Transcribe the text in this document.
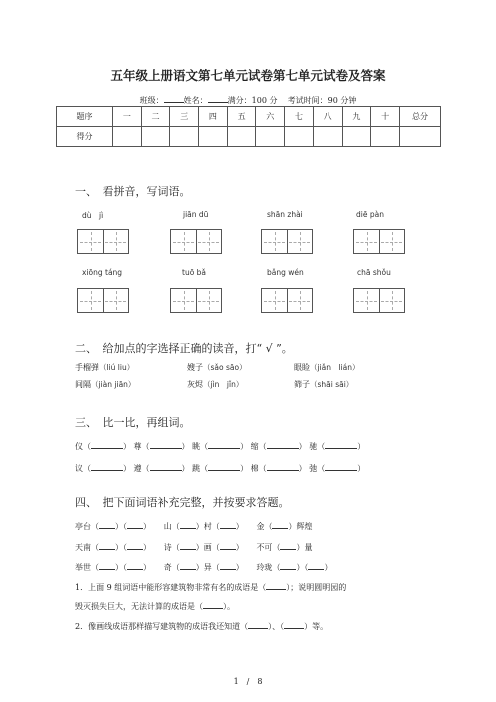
五年级上册语文第七单元试卷第七单元试卷及答案
班级：	姓名：	满分：100 分 考试时间：90 分钟
题序	一	二	三	四	五	六	七	八	九	十	总分
得分											
一、　看拼音，写词语。
dù　jì	jiān dū	shān zhài	diē pàn
xiōng táng	tuō bǎ	bǎng wén	chā shǒu
二、　给加点的字选择正确的读音，打“ √ ”。
手榴弹（liú liu）	嫂子（sǎo sāo）	眼睑（jiǎn　lián）
间隔（jiàn jiān）	灰烬（jìn　jǐn）	筛子（shāi sāi）
三、　比一比，再组词。
仪（	） 尊（	） 眺（	） 缩（	） 驰（	）
议（	） 遵（	） 跳（	） 棉（	） 弛（	）
四、　把下面词语补充完整，并按要求答题。
亭台（ ）（ ）     山（ ）村（ ）     金（ ）辉煌
天南（ ）（ ）     诗（ ）画（ ）     不可（ ）量
举世（ ）（ ）     奇（ ）异（ ）     玲珑（ ）（ ）
1．上面 9 组词语中能形容建筑物非常有名的成语是（	）；说明圆明园的
毁灭损失巨大，无法计算的成语是（	）。
2．像画线成语那样描写建筑物的成语我还知道（	）、（	）等。
1　/　8
